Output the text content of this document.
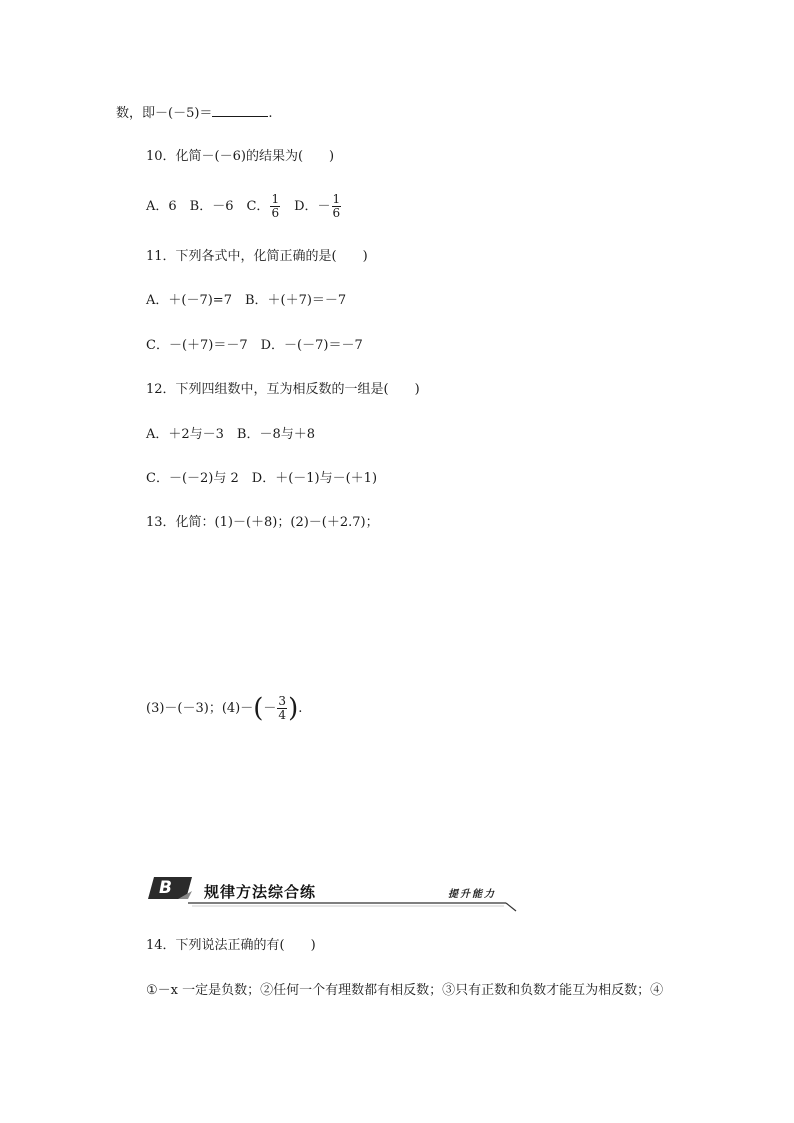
数，即－(－5)＝	.
10．化简－(－6)的结果为(　　)
A．6　B．－6　C． $\frac{1}{6}$ 　D．－ $\frac{1}{6}$
11．下列各式中，化简正确的是(　　)
A．＋(－7)=7　B．＋(＋7)＝－7
C．－(＋7)＝－7　D．－(－7)＝－7
12．下列四组数中，互为相反数的一组是(　　)
A．＋2与－3　B．－8与＋8
C．－(－2)与 2　D．＋(－1)与－(＋1)
13．化简：(1)－(＋8)；(2)－(＋2.7)；
(3)－(－3)；$(4)-(- \frac{3}{4}$ ).
B 规律方法综合练	提升能力
14．下列说法正确的有(　　)
①－x 一定是负数；②任何一个有理数都有相反数；③只有正数和负数才能互为相反数；④
